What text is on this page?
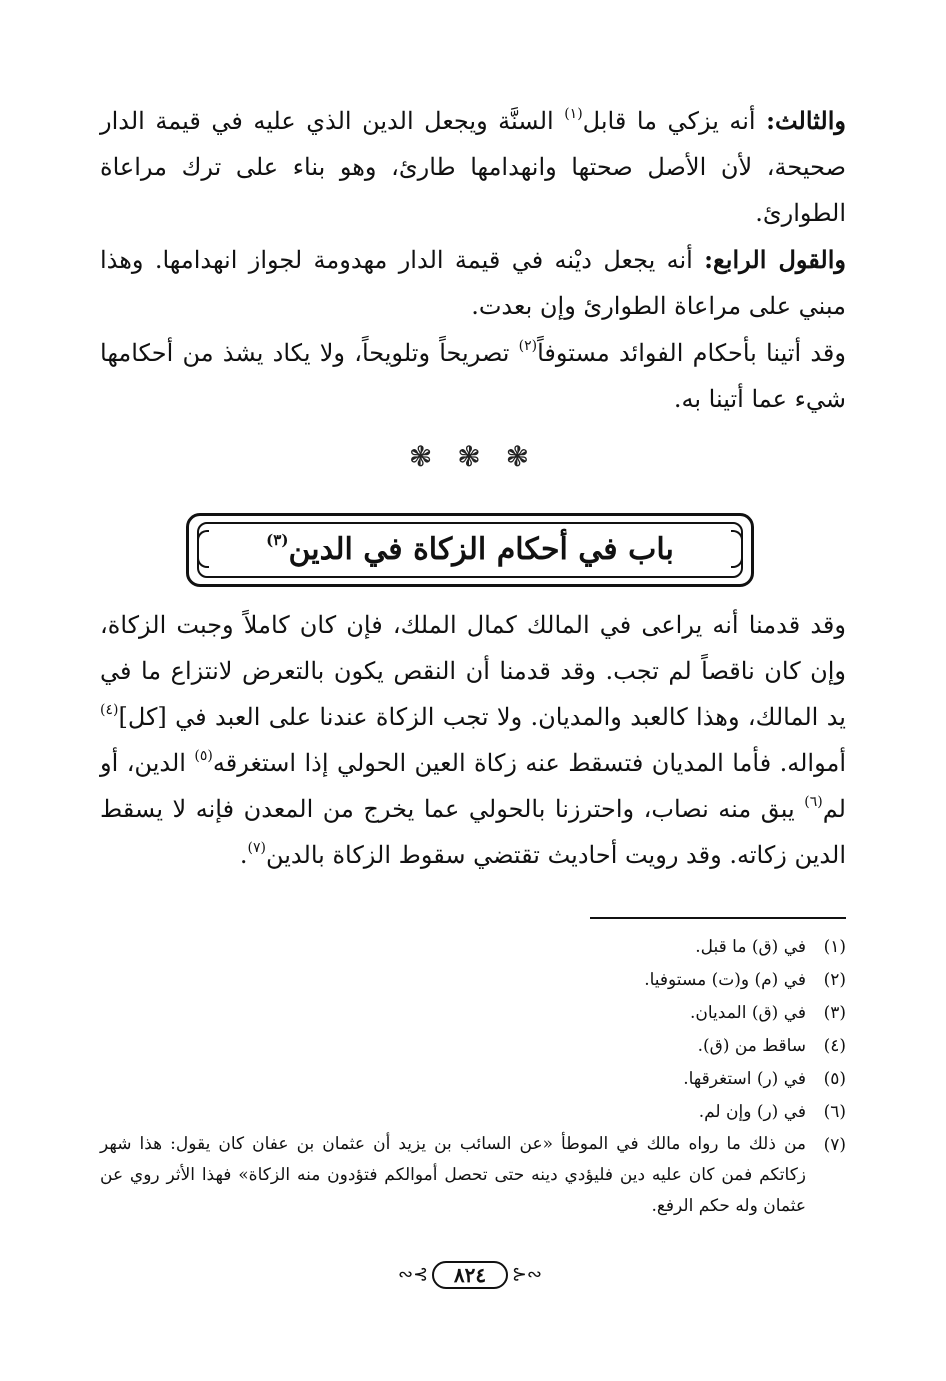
والثالث: أنه يزكي ما قابل$^{(١)}$ السنَّة ويجعل الدين الذي عليه في قيمة الدار صحيحة، لأن الأصل صحتها وانهدامها طارئ، وهو بناء على ترك مراعاة الطوارئ.

والقول الرابع: أنه يجعل ديْنه في قيمة الدار مهدومة لجواز انهدامها. وهذا مبني على مراعاة الطوارئ وإن بعدت.

وقد أتينا بأحكام الفوائد مستوفاً$^{(٢)}$ تصريحاً وتلويحاً، ولا يكاد يشذ من أحكامها شيء عما أتينا به.

❃ ❃ ❃
باب في أحكام الزكاة في الدين$^{(٣)}$

وقد قدمنا أنه يراعى في المالك كمال الملك، فإن كان كاملاً وجبت الزكاة، وإن كان ناقصاً لم تجب. وقد قدمنا أن النقص يكون بالتعرض لانتزاع ما في يد المالك، وهذا كالعبد والمديان. ولا تجب الزكاة عندنا على العبد في [كل]$^{(٤)}$ أمواله. فأما المديان فتسقط عنه زكاة العين الحولي إذا استغرقه$^{(٥)}$ الدين، أو لم$^{(٦)}$ يبق منه نصاب، واحترزنا بالحولي عما يخرج من المعدن فإنه لا يسقط الدين زكاته. وقد رويت أحاديث تقتضي سقوط الزكاة بالدين$^{(٧)}$.

(١)
في (ق) ما قبل.
(٢)
في (م) و(ت) مستوفيا.
(٣)
في (ق) المديان.
(٤)
ساقط من (ق).
(٥)
في (ر) استغرقها.
(٦)
في (ر) وإن لم.
(٧)
من ذلك ما رواه مالك في الموطأ «عن السائب بن يزيد أن عثمان بن عفان كان يقول: هذا شهر زكاتكم فمن كان عليه دين فليؤدي دينه حتى تحصل أموالكم فتؤدون منه الزكاة» فهذا الأثر روي عن عثمان وله حكم الرفع.
∾⊰	٨٢٤	⊱∾
